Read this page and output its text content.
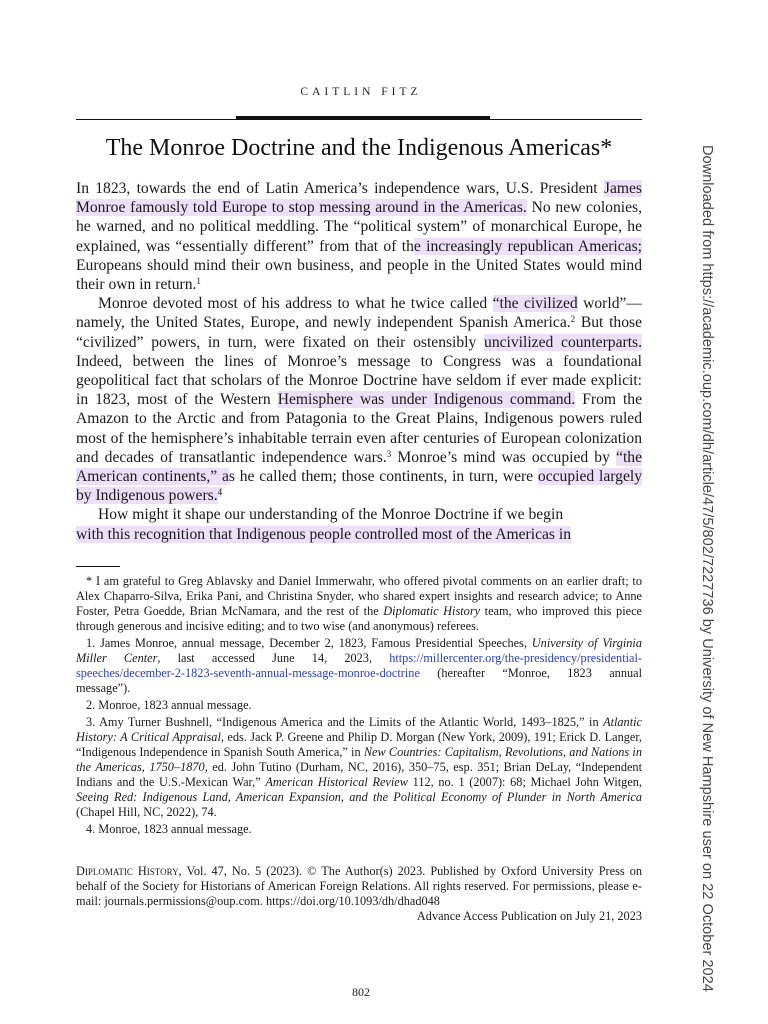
CAITLIN FITZ
The Monroe Doctrine and the Indigenous Americas*

In 1823, towards the end of Latin America’s independence wars, U.S. President James Monroe famously told Europe to stop messing around in the Americas. No new colonies, he warned, and no political meddling. The “political system” of monarchical Europe, he explained, was “essentially different” from that of the increasingly republican Americas; Europeans should mind their own business, and people in the United States would mind their own in return.$^1$

Monroe devoted most of his address to what he twice called “the civilized world”—namely, the United States, Europe, and newly independent Spanish America.$^2$ But those “civilized” powers, in turn, were fixated on their ostensibly uncivilized counterparts. Indeed, between the lines of Monroe’s message to Congress was a foundational geopolitical fact that scholars of the Monroe Doctrine have seldom if ever made explicit: in 1823, most of the Western Hemisphere was under Indigenous command. From the Amazon to the Arctic and from Patagonia to the Great Plains, Indigenous powers ruled most of the hemisphere’s inhabitable terrain even after centuries of European colonization and decades of transatlantic independence wars.$^3$ Monroe’s mind was occupied by “the American continents,” as he called them; those continents, in turn, were occupied largely by Indigenous powers.$^4$

How might it shape our understanding of the Monroe Doctrine if we begin
with this recognition that Indigenous people controlled most of the Americas in

* I am grateful to Greg Ablavsky and Daniel Immerwahr, who offered pivotal comments on an earlier draft; to Alex Chaparro-Silva, Erika Pani, and Christina Snyder, who shared expert insights and research advice; to Anne Foster, Petra Goedde, Brian McNamara, and the rest of the Diplomatic History team, who improved this piece through generous and incisive editing; and to two wise (and anonymous) referees.

1. James Monroe, annual message, December 2, 1823, Famous Presidential Speeches, University of Virginia Miller Center, last accessed June 14, 2023, https://millercenter.org/the-presidency/presidential-speeches/december-2-1823-seventh-annual-message-monroe-doctrine (hereafter “Monroe, 1823 annual message”).

2. Monroe, 1823 annual message.

3. Amy Turner Bushnell, “Indigenous America and the Limits of the Atlantic World, 1493–1825,” in Atlantic History: A Critical Appraisal, eds. Jack P. Greene and Philip D. Morgan (New York, 2009), 191; Erick D. Langer, “Indigenous Independence in Spanish South America,” in New Countries: Capitalism, Revolutions, and Nations in the Americas, 1750–1870, ed. John Tutino (Durham, NC, 2016), 350–75, esp. 351; Brian DeLay, “Independent Indians and the U.S.-Mexican War,” American Historical Review 112, no. 1 (2007): 68; Michael John Witgen, Seeing Red: Indigenous Land, American Expansion, and the Political Economy of Plunder in North America (Chapel Hill, NC, 2022), 74.

4. Monroe, 1823 annual message.

Diplomatic History, Vol. 47, No. 5 (2023). © The Author(s) 2023. Published by Oxford University Press on behalf of the Society for Historians of American Foreign Relations. All rights reserved. For permissions, please e-mail: journals.permissions@oup.com. https://doi.org/10.1093/dh/dhad048

Advance Access Publication on July 21, 2023

802
Downloaded from https://academic.oup.com/dh/article/47/5/802/7227736 by University of New Hampshire user on 22 October 2024
